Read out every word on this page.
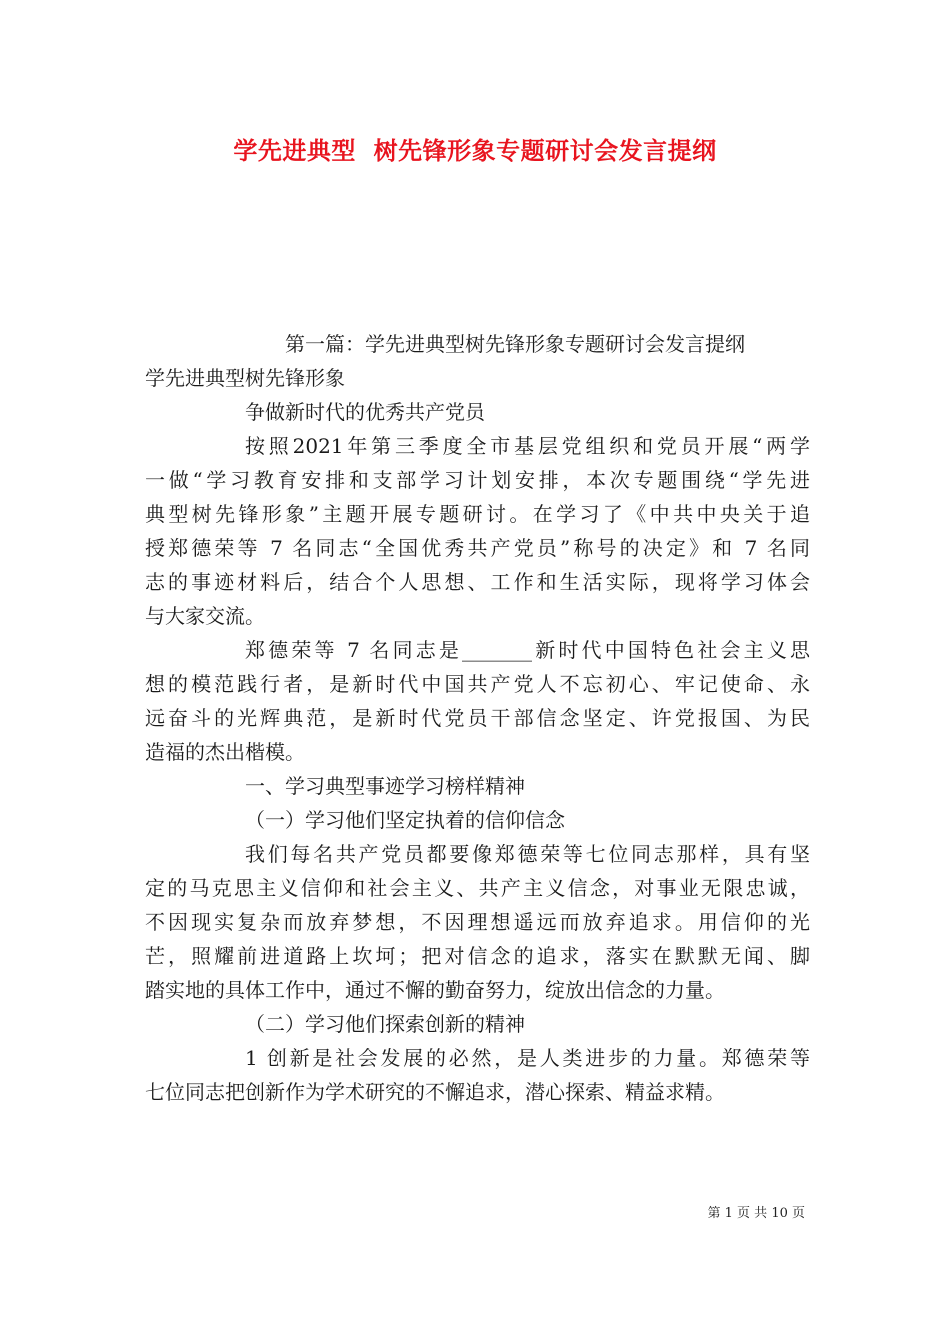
学先进典型  树先锋形象专题研讨会发言提纲
第一篇：学先进典型树先锋形象专题研讨会发言提纲
学先进典型树先锋形象
争做新时代的优秀共产党员
按照2021年第三季度全市基层党组织和党员开展“两学
一做“学习教育安排和支部学习计划安排，本次专题围绕“学先进
典型树先锋形象”主题开展专题研讨。在学习了《中共中央关于追
授郑德荣等 7 名同志“全国优秀共产党员”称号的决定》和 7 名同
志的事迹材料后，结合个人思想、工作和生活实际，现将学习体会
与大家交流。
郑德荣等 7 名同志是_______新时代中国特色社会主义思
想的模范践行者，是新时代中国共产党人不忘初心、牢记使命、永
远奋斗的光辉典范，是新时代党员干部信念坚定、许党报国、为民
造福的杰出楷模。
一、学习典型事迹学习榜样精神
（一）学习他们坚定执着的信仰信念
我们每名共产党员都要像郑德荣等七位同志那样，具有坚
定的马克思主义信仰和社会主义、共产主义信念，对事业无限忠诚，
不因现实复杂而放弃梦想，不因理想遥远而放弃追求。用信仰的光
芒，照耀前进道路上坎坷；把对信念的追求，落实在默默无闻、脚
踏实地的具体工作中，通过不懈的勤奋努力，绽放出信念的力量。
（二）学习他们探索创新的精神
1 创新是社会发展的必然，是人类进步的力量。郑德荣等
七位同志把创新作为学术研究的不懈追求，潜心探索、精益求精。
第 1 页 共 10 页
